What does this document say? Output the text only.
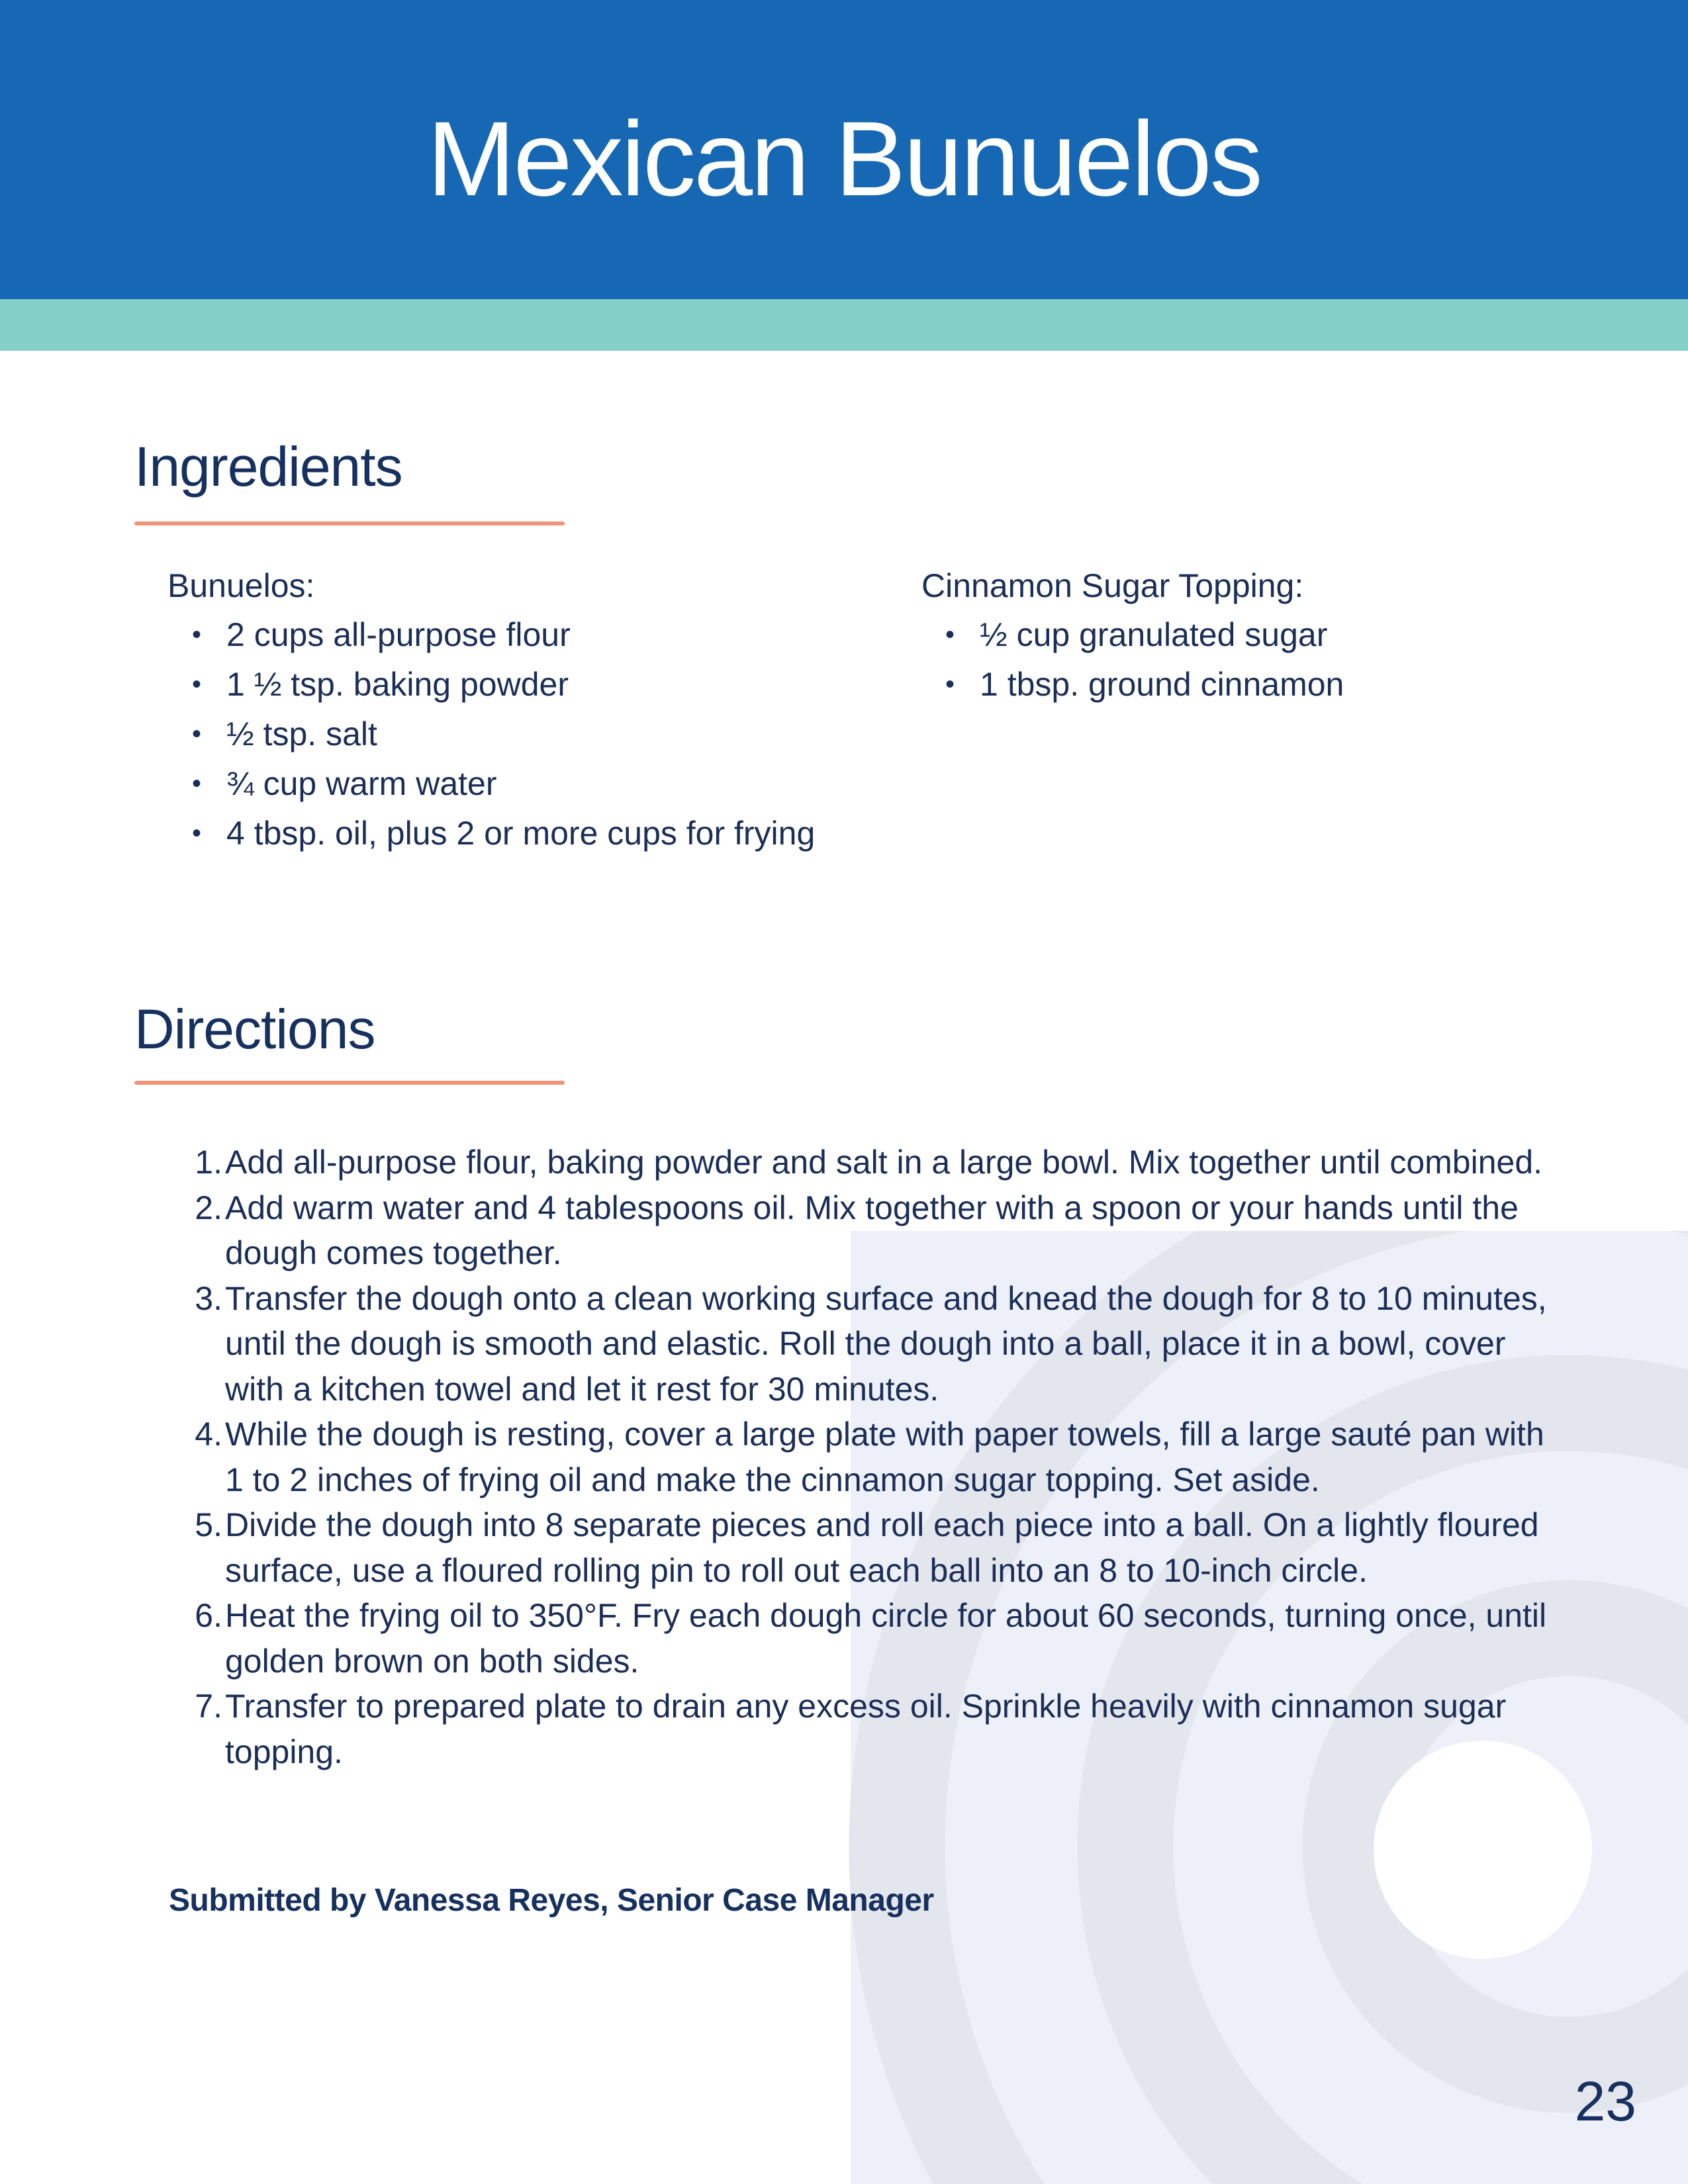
Mexican Bunuelos
Ingredients
Bunuelos:
• 2 cups all-purpose flour
• 1 ½ tsp. baking powder
• ½ tsp. salt
• ¾ cup warm water
• 4 tbsp. oil, plus 2 or more cups for frying
Cinnamon Sugar Topping:
• ½ cup granulated sugar
• 1 tbsp. ground cinnamon
Directions
1. Add all-purpose flour, baking powder and salt in a large bowl. Mix together until combined.
2. Add warm water and 4 tablespoons oil. Mix together with a spoon or your hands until the dough comes together.
3. Transfer the dough onto a clean working surface and knead the dough for 8 to 10 minutes, until the dough is smooth and elastic. Roll the dough into a ball, place it in a bowl, cover with a kitchen towel and let it rest for 30 minutes.
4. While the dough is resting, cover a large plate with paper towels, fill a large sauté pan with 1 to 2 inches of frying oil and make the cinnamon sugar topping. Set aside.
5. Divide the dough into 8 separate pieces and roll each piece into a ball. On a lightly floured surface, use a floured rolling pin to roll out each ball into an 8 to 10-inch circle.
6. Heat the frying oil to 350°F. Fry each dough circle for about 60 seconds, turning once, until golden brown on both sides.
7. Transfer to prepared plate to drain any excess oil. Sprinkle heavily with cinnamon sugar topping.
Submitted by Vanessa Reyes, Senior Case Manager
23
